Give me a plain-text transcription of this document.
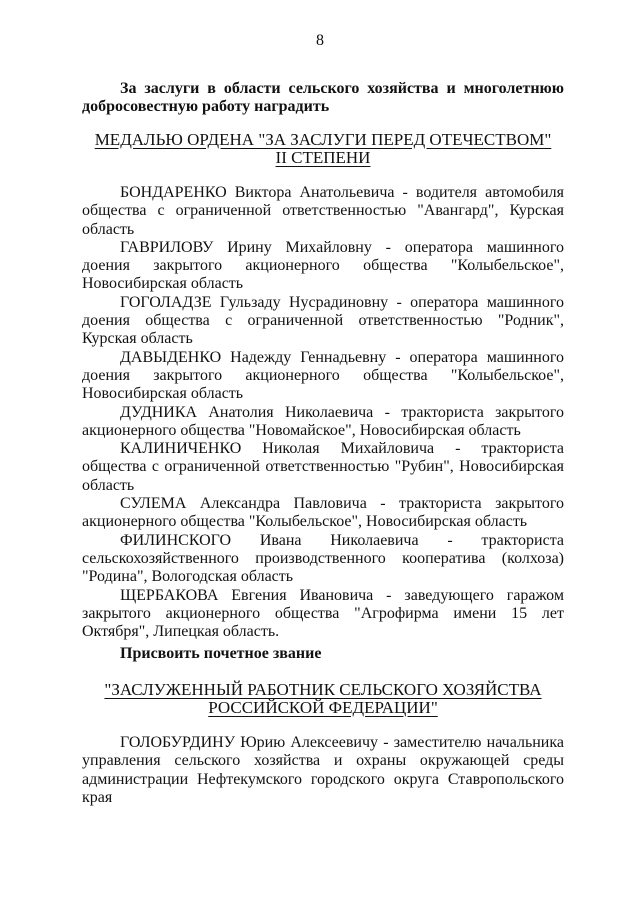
8
За заслуги в области сельского хозяйства и многолетнюю добросовестную работу наградить
МЕДАЛЬЮ ОРДЕНА "ЗА ЗАСЛУГИ ПЕРЕД ОТЕЧЕСТВОМ"
II СТЕПЕНИ

БОНДАРЕНКО Виктора Анатольевича - водителя автомобиля общества с ограниченной ответственностью "Авангард", Курская область

ГАВРИЛОВУ Ирину Михайловну - оператора машинного доения закрытого акционерного общества "Колыбельское", Новосибирская область

ГОГОЛАДЗЕ Гульзаду Нусрадиновну - оператора машинного доения общества с ограниченной ответственностью "Родник", Курская область

ДАВЫДЕНКО Надежду Геннадьевну - оператора машинного доения закрытого акционерного общества "Колыбельское", Новосибирская область

ДУДНИКА Анатолия Николаевича - тракториста закрытого акционерного общества "Новомайское", Новосибирская область

КАЛИНИЧЕНКО Николая Михайловича - тракториста общества с ограниченной ответственностью "Рубин", Новосибирская область

СУЛЕМА Александра Павловича - тракториста закрытого акционерного общества "Колыбельское", Новосибирская область

ФИЛИНСКОГО Ивана Николаевича - тракториста сельскохозяйственного производственного кооператива (колхоза) "Родина", Вологодская область

ЩЕРБАКОВА Евгения Ивановича - заведующего гаражом закрытого акционерного общества "Агрофирма имени 15 лет Октября", Липецкая область.

Присвоить почетное звание
"ЗАСЛУЖЕННЫЙ РАБОТНИК СЕЛЬСКОГО ХОЗЯЙСТВА
РОССИЙСКОЙ ФЕДЕРАЦИИ"

ГОЛОБУРДИНУ Юрию Алексеевичу - заместителю начальника управления сельского хозяйства и охраны окружающей среды администрации Нефтекумского городского округа Ставропольского края
